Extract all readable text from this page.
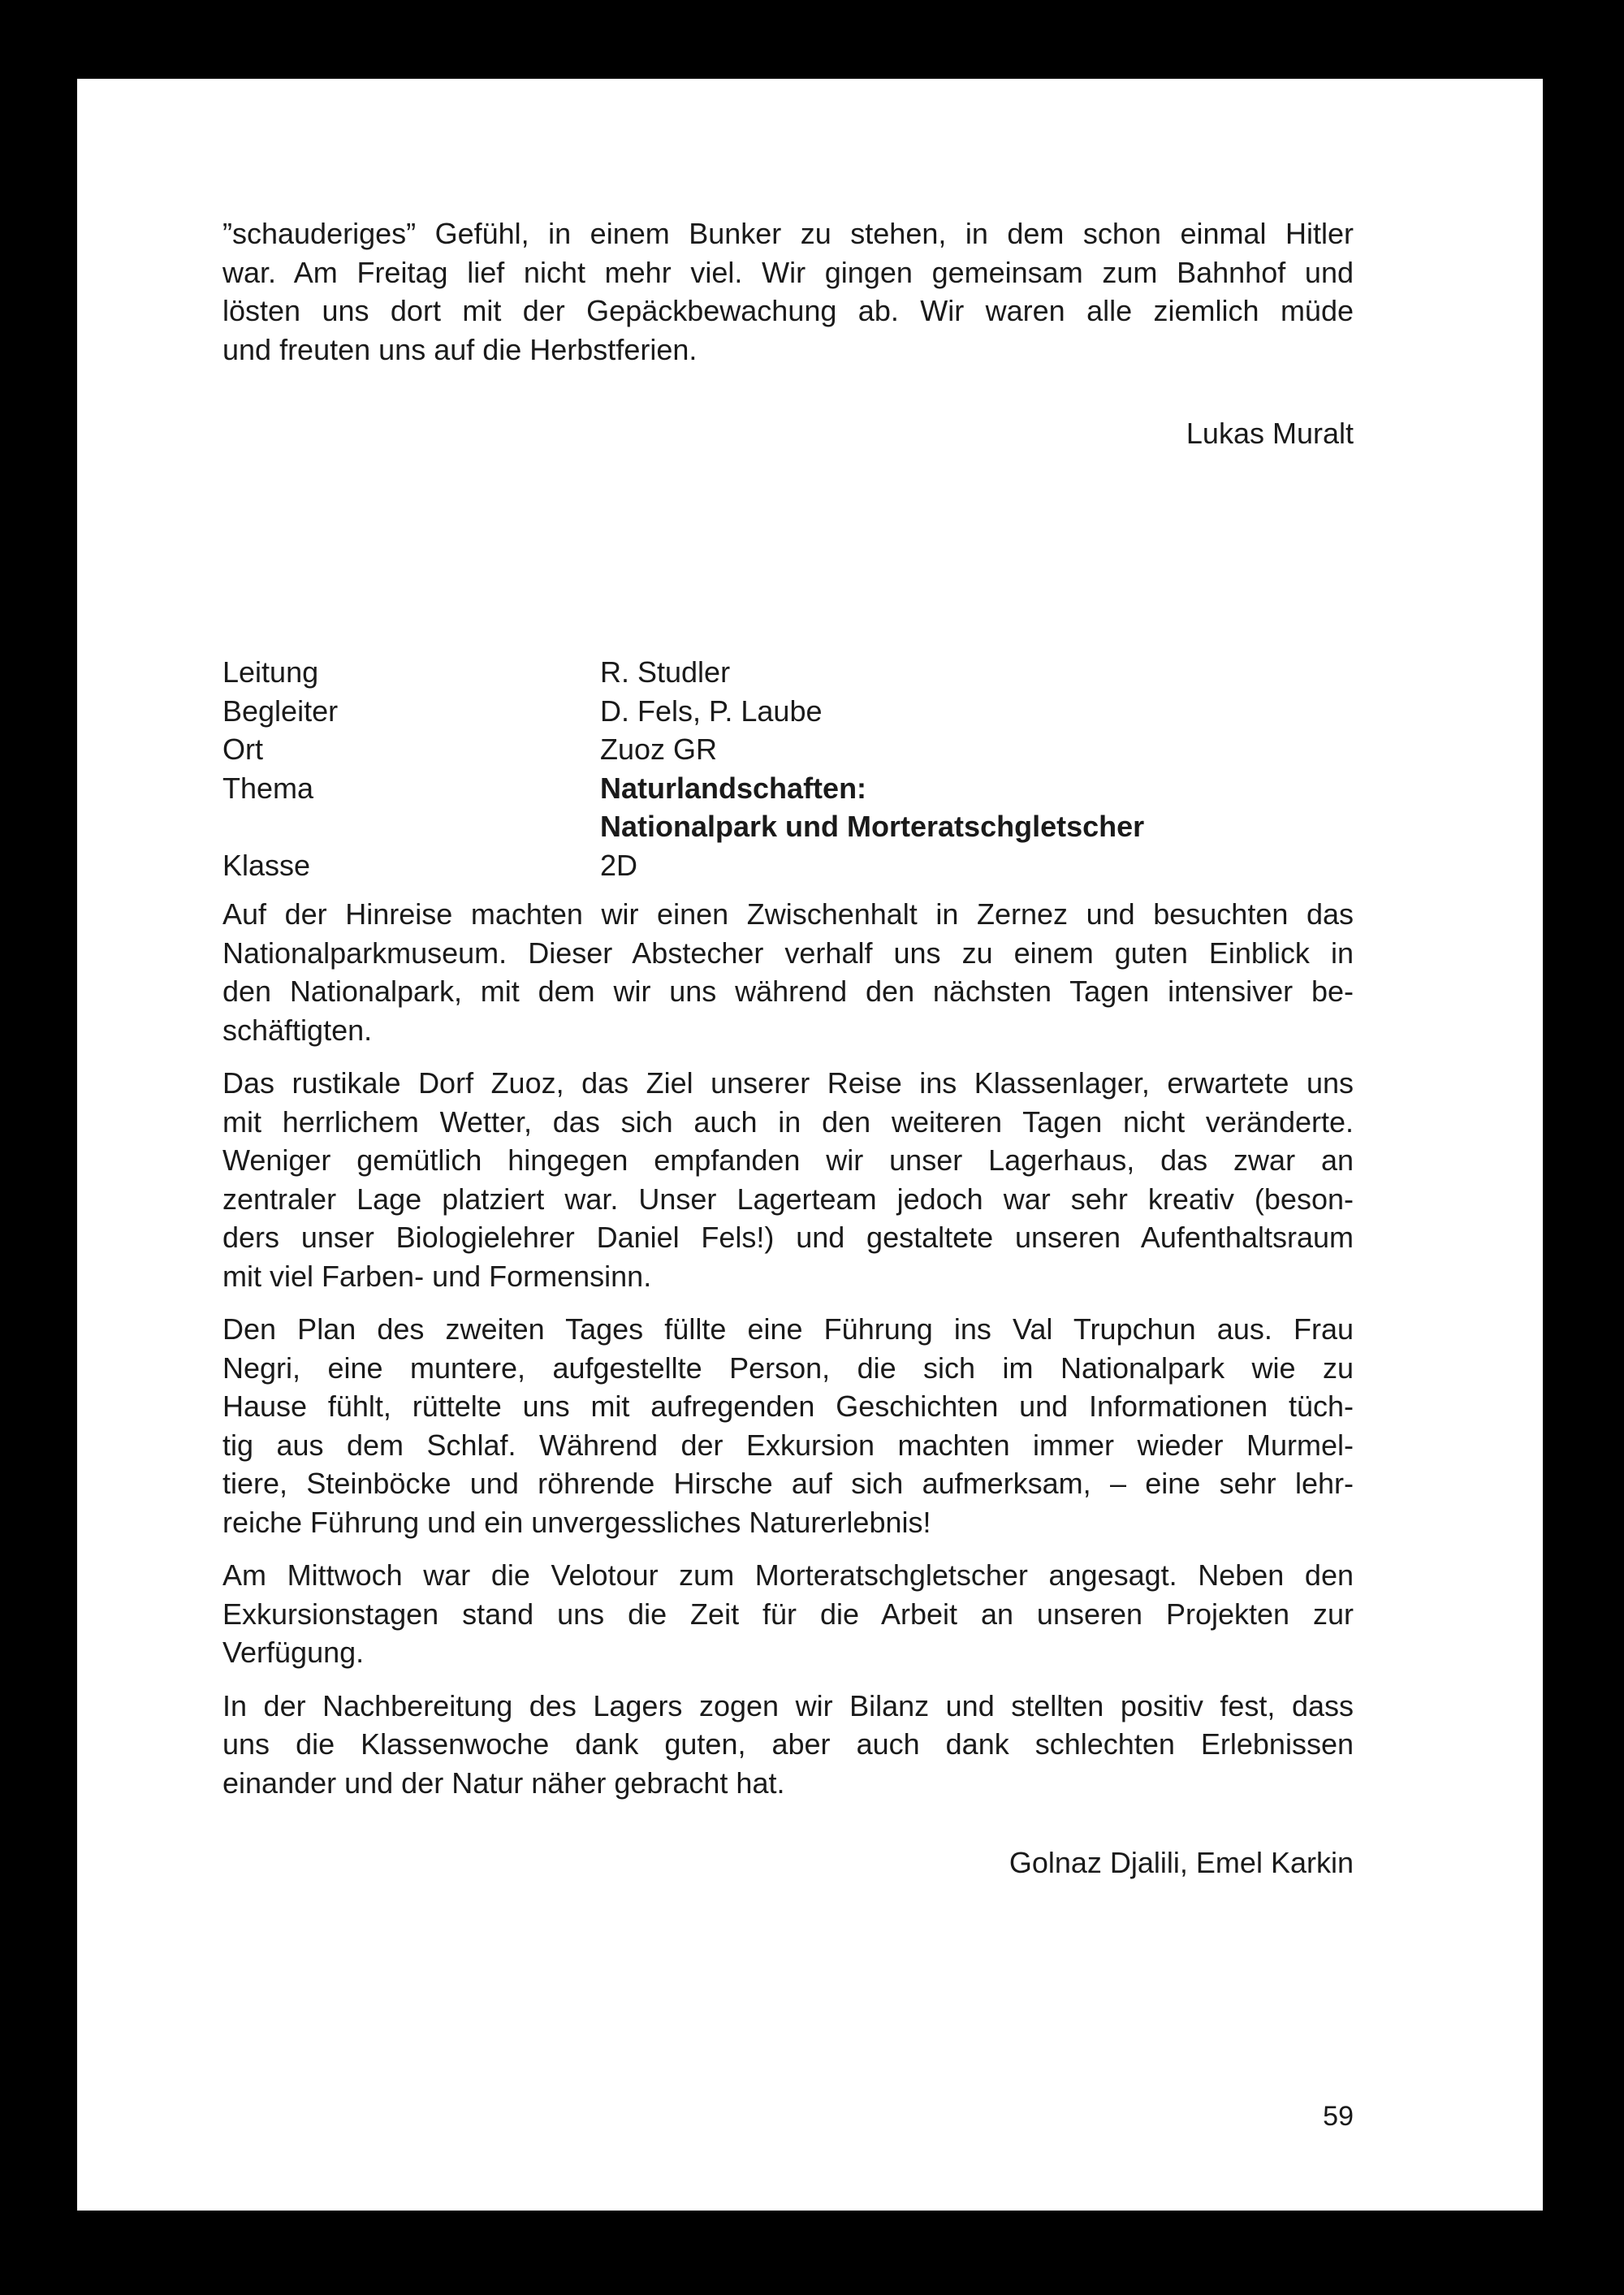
”schauderiges” Gefühl, in einem Bunker zu stehen, in dem schon einmal Hitler
war. Am Freitag lief nicht mehr viel. Wir gingen gemeinsam zum Bahnhof und
lösten uns dort mit der Gepäckbewachung ab. Wir waren alle ziemlich müde
und freuten uns auf die Herbstferien.
Lukas Muralt
Leitung	R. Studler
Begleiter	D. Fels, P. Laube
Ort	Zuoz GR
Thema	Naturlandschaften:
Nationalpark und Morteratschgletscher
Klasse	2D
Auf der Hinreise machten wir einen Zwischenhalt in Zernez und besuchten das
Nationalparkmuseum. Dieser Abstecher verhalf uns zu einem guten Einblick in
den Nationalpark, mit dem wir uns während den nächsten Tagen intensiver be-
schäftigten.
Das rustikale Dorf Zuoz, das Ziel unserer Reise ins Klassenlager, erwartete uns
mit herrlichem Wetter, das sich auch in den weiteren Tagen nicht veränderte.
Weniger gemütlich hingegen empfanden wir unser Lagerhaus, das zwar an
zentraler Lage platziert war. Unser Lagerteam jedoch war sehr kreativ (beson-
ders unser Biologielehrer Daniel Fels!) und gestaltete unseren Aufenthaltsraum
mit viel Farben- und Formensinn.
Den Plan des zweiten Tages füllte eine Führung ins Val Trupchun aus. Frau
Negri, eine muntere, aufgestellte Person, die sich im Nationalpark wie zu
Hause fühlt, rüttelte uns mit aufregenden Geschichten und Informationen tüch-
tig aus dem Schlaf. Während der Exkursion machten immer wieder Murmel-
tiere, Steinböcke und röhrende Hirsche auf sich aufmerksam, – eine sehr lehr-
reiche Führung und ein unvergessliches Naturerlebnis!
Am Mittwoch war die Velotour zum Morteratschgletscher angesagt. Neben den
Exkursionstagen stand uns die Zeit für die Arbeit an unseren Projekten zur
Verfügung.
In der Nachbereitung des Lagers zogen wir Bilanz und stellten positiv fest, dass
uns die Klassenwoche dank guten, aber auch dank schlechten Erlebnissen
einander und der Natur näher gebracht hat.
Golnaz Djalili, Emel Karkin
59
